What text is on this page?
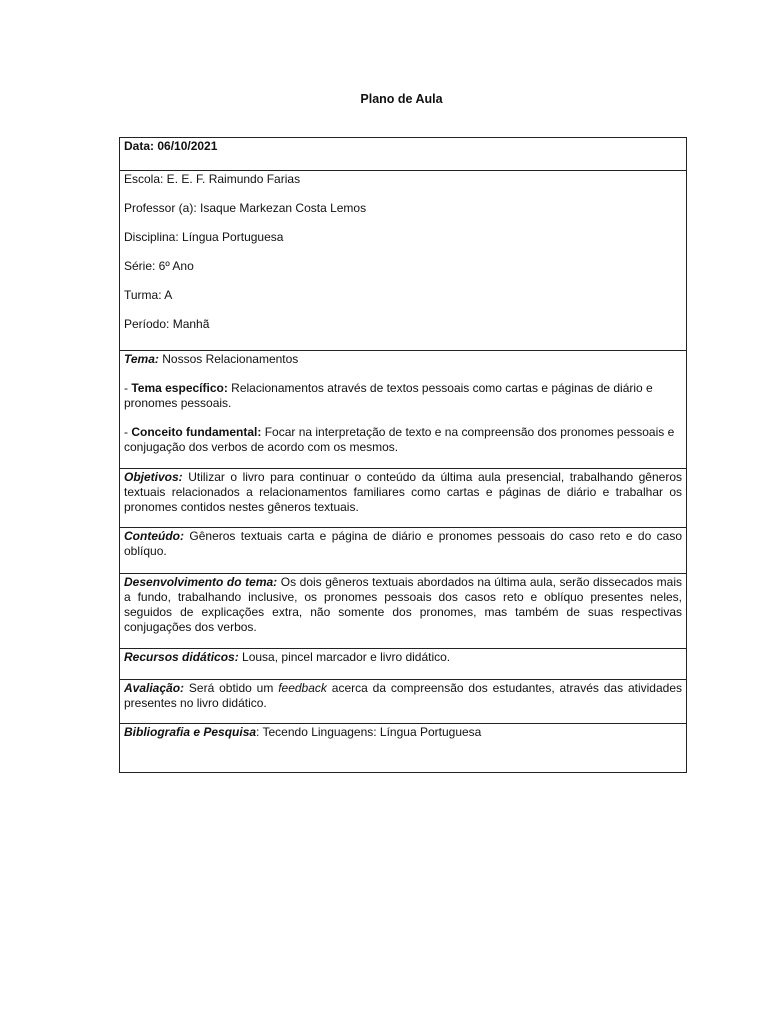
Plano de Aula

Data: 06/10/2021

Escola: E. E. F. Raimundo Farias

Professor (a): Isaque Markezan Costa Lemos

Disciplina: Língua Portuguesa

Série: 6º Ano

Turma: A

Período: Manhã

Tema: Nossos Relacionamentos

- Tema específico: Relacionamentos através de textos pessoais como cartas e páginas de diário e pronomes pessoais.

- Conceito fundamental: Focar na interpretação de texto e na compreensão dos pronomes pessoais e conjugação dos verbos de acordo com os mesmos.

Objetivos: Utilizar o livro para continuar o conteúdo da última aula presencial, trabalhando gêneros textuais relacionados a relacionamentos familiares como cartas e páginas de diário e trabalhar os pronomes contidos nestes gêneros textuais.

Conteúdo: Gêneros textuais carta e página de diário e pronomes pessoais do caso reto e do caso oblíquo.

Desenvolvimento do tema: Os dois gêneros textuais abordados na última aula, serão dissecados mais a fundo, trabalhando inclusive, os pronomes pessoais dos casos reto e oblíquo presentes neles, seguidos de explicações extra, não somente dos pronomes, mas também de suas respectivas conjugações dos verbos.

Recursos didáticos: Lousa, pincel marcador e livro didático.

Avaliação: Será obtido um feedback acerca da compreensão dos estudantes, através das atividades presentes no livro didático.

Bibliografia e Pesquisa: Tecendo Linguagens: Língua Portuguesa
